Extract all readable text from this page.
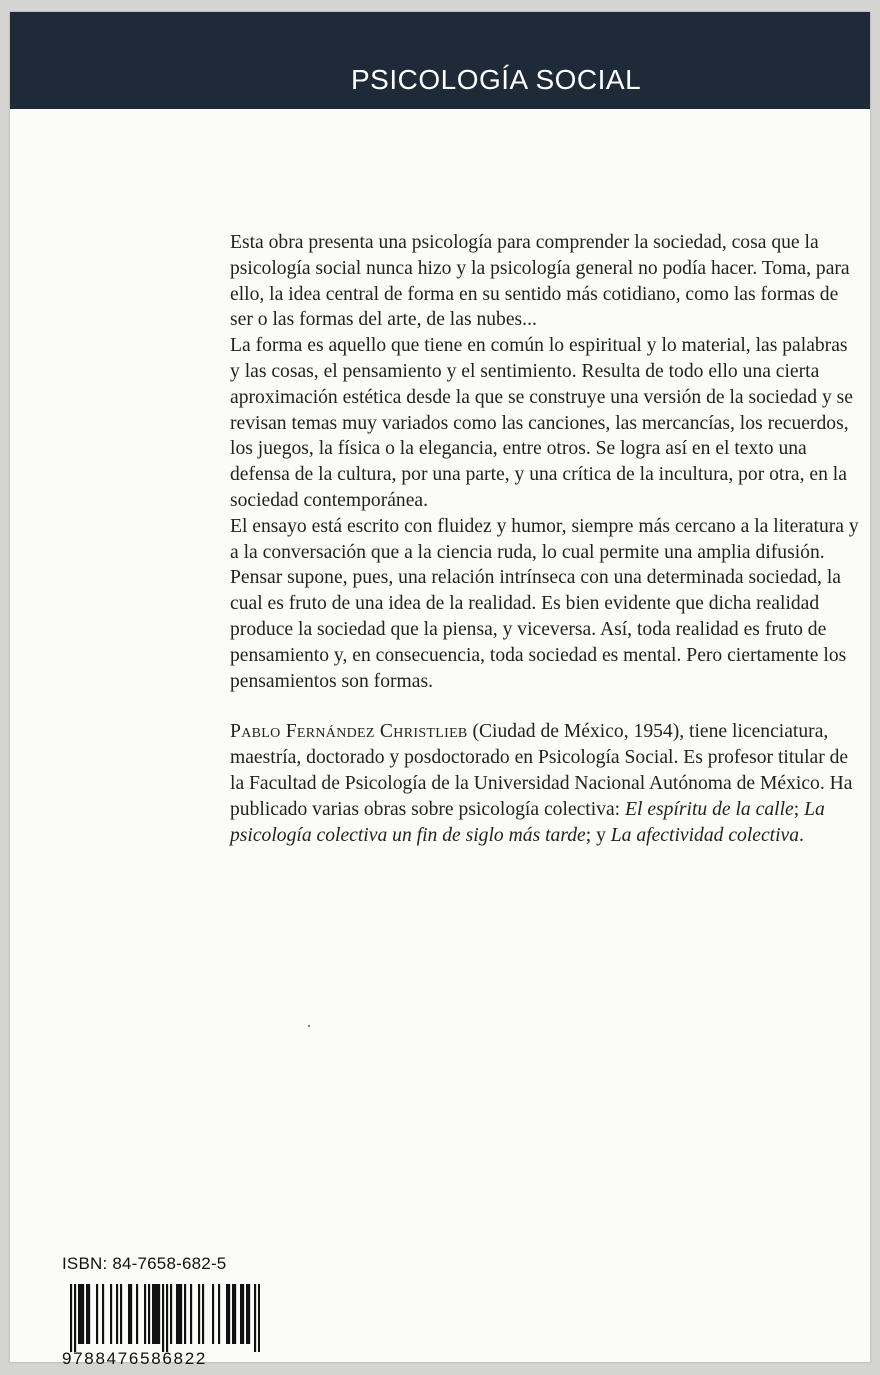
PSICOLOGÍA SOCIAL

Esta obra presenta una psicología para comprender la sociedad, cosa que la psicología social nunca hizo y la psicología general no podía hacer. Toma, para ello, la idea central de forma en su sentido más cotidiano, como las formas de ser o las formas del arte, de las nubes...

La forma es aquello que tiene en común lo espiritual y lo material, las palabras y las cosas, el pensamiento y el sentimiento. Resulta de todo ello una cierta aproximación estética desde la que se construye una versión de la sociedad y se revisan temas muy variados como las canciones, las mercancías, los recuerdos, los juegos, la física o la elegancia, entre otros. Se logra así en el texto una defensa de la cultura, por una parte, y una crítica de la incultura, por otra, en la sociedad contemporánea.

El ensayo está escrito con fluidez y humor, siempre más cercano a la literatura y a la conversación que a la ciencia ruda, lo cual permite una amplia difusión.

Pensar supone, pues, una relación intrínseca con una determinada sociedad, la cual es fruto de una idea de la realidad. Es bien evidente que dicha realidad produce la sociedad que la piensa, y viceversa. Así, toda realidad es fruto de pensamiento y, en consecuencia, toda sociedad es mental. Pero ciertamente los pensamientos son formas.

Pablo Fernández Christlieb (Ciudad de México, 1954), tiene licenciatura, maestría, doctorado y posdoctorado en Psicología Social. Es profesor titular de la Facultad de Psicología de la Universidad Nacional Autónoma de México. Ha publicado varias obras sobre psicología colectiva: El espíritu de la calle; La psicología colectiva un fin de siglo más tarde; y La afectividad colectiva.

ISBN: 84-7658-682-5
9788476586822
